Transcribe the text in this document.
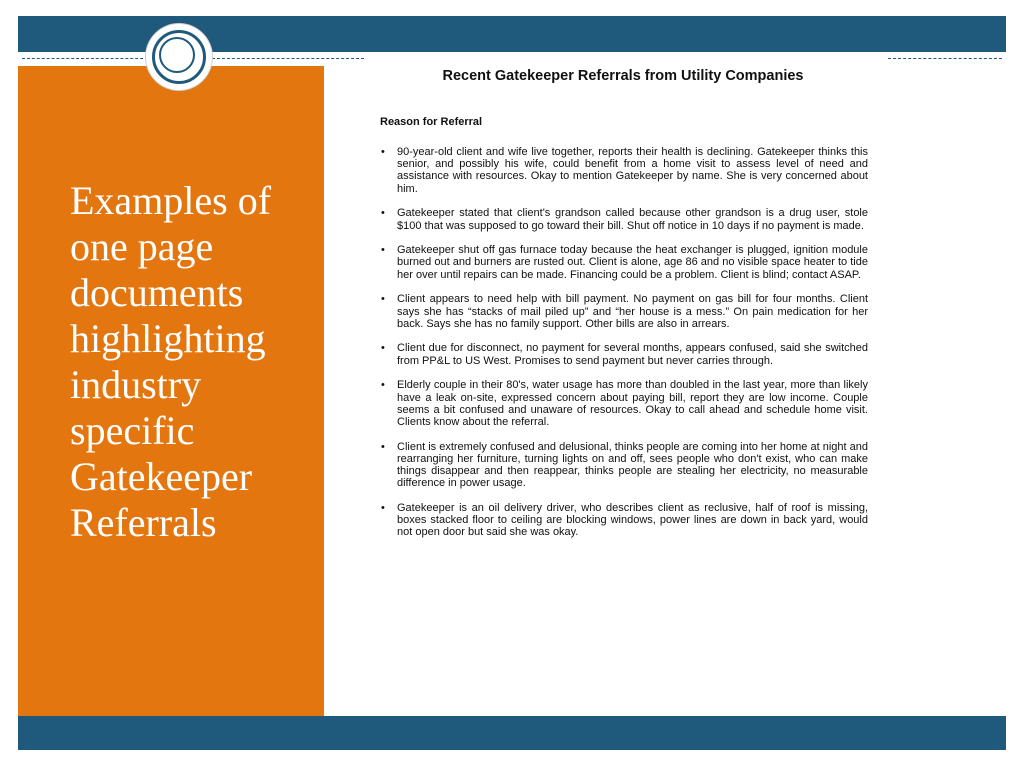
Examples of one page documents highlighting industry specific Gatekeeper Referrals
Recent Gatekeeper Referrals from Utility Companies
Reason for Referral
• 90-year-old client and wife live together, reports their health is declining. Gatekeeper thinks this senior, and possibly his wife, could benefit from a home visit to assess level of need and assistance with resources. Okay to mention Gatekeeper by name. She is very concerned about him.
• Gatekeeper stated that client's grandson called because other grandson is a drug user, stole $100 that was supposed to go toward their bill. Shut off notice in 10 days if no payment is made.
• Gatekeeper shut off gas furnace today because the heat exchanger is plugged, ignition module burned out and burners are rusted out. Client is alone, age 86 and no visible space heater to tide her over until repairs can be made. Financing could be a problem. Client is blind; contact ASAP.
• Client appears to need help with bill payment. No payment on gas bill for four months. Client says she has “stacks of mail piled up” and “her house is a mess.” On pain medication for her back. Says she has no family support. Other bills are also in arrears.
• Client due for disconnect, no payment for several months, appears confused, said she switched from PP&L to US West. Promises to send payment but never carries through.
• Elderly couple in their 80's, water usage has more than doubled in the last year, more than likely have a leak on-site, expressed concern about paying bill, report they are low income. Couple seems a bit confused and unaware of resources. Okay to call ahead and schedule home visit. Clients know about the referral.
• Client is extremely confused and delusional, thinks people are coming into her home at night and rearranging her furniture, turning lights on and off, sees people who don't exist, who can make things disappear and then reappear, thinks people are stealing her electricity, no measurable difference in power usage.
• Gatekeeper is an oil delivery driver, who describes client as reclusive, half of roof is missing, boxes stacked floor to ceiling are blocking windows, power lines are down in back yard, would not open door but said she was okay.
